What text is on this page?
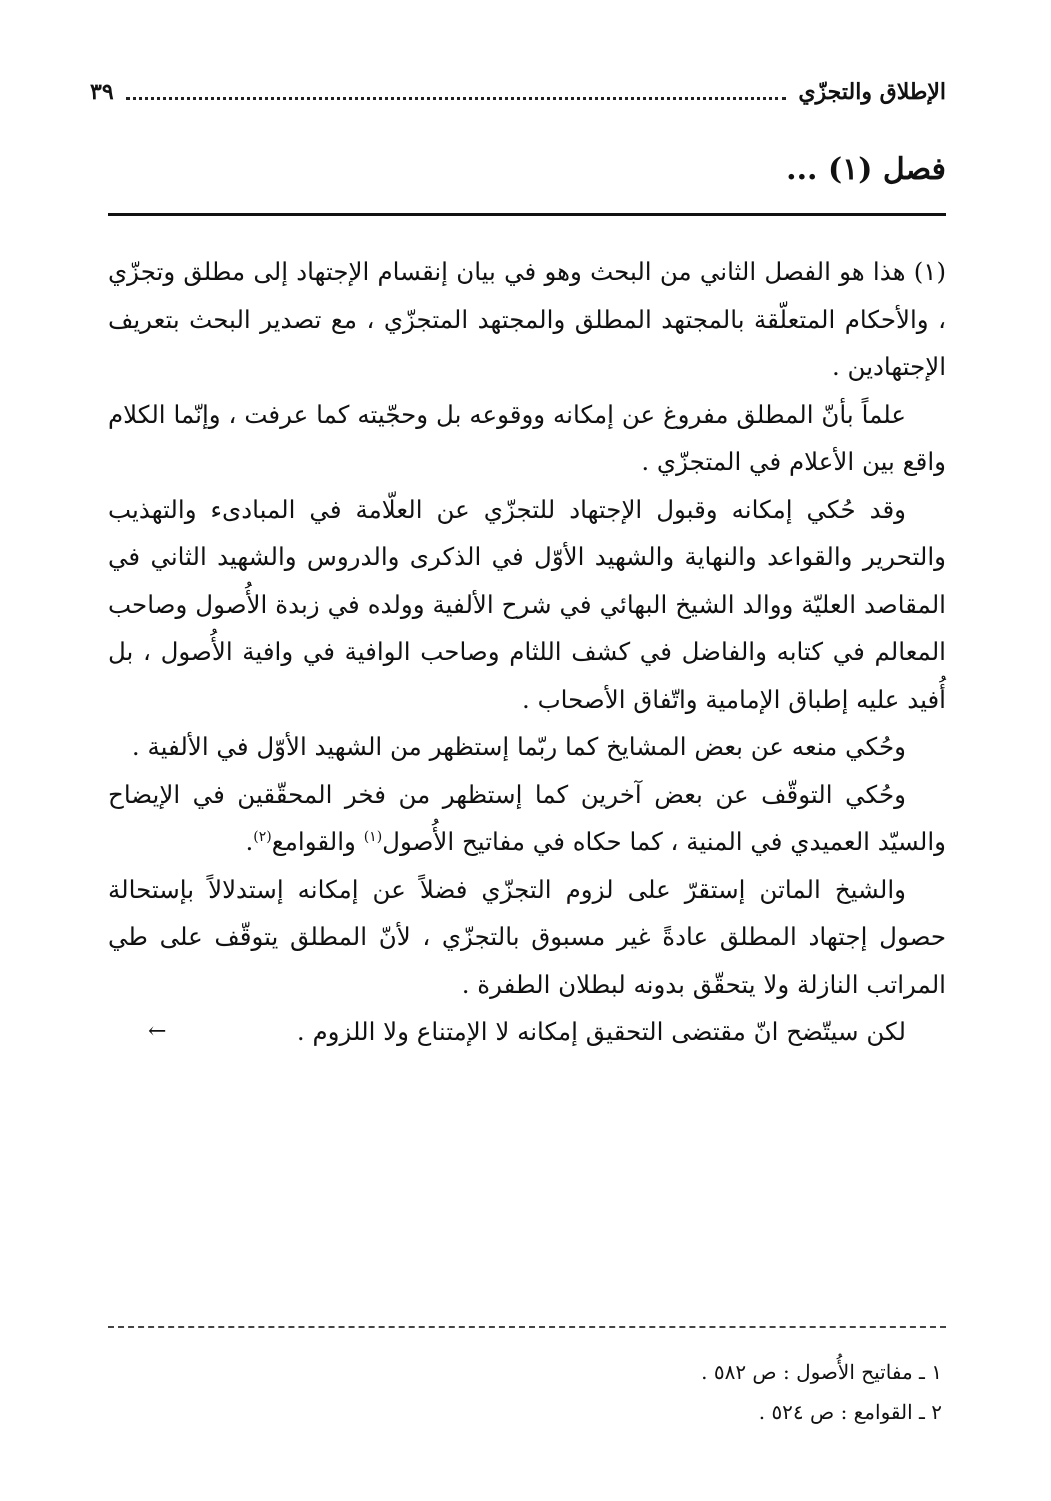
الإطلاق والتجزّي
٣٩
فصل (١) ...

(١) هذا هو الفصل الثاني من البحث وهو في بيان إنقسام الإجتهاد إلى مطلق وتجزّي ، والأحكام المتعلّقة بالمجتهد المطلق والمجتهد المتجزّي ، مع تصدير البحث بتعريف الإجتهادين .

علماً بأنّ المطلق مفروغ عن إمكانه ووقوعه بل وحجّيته كما عرفت ، وإنّما الكلام واقع بين الأعلام في المتجزّي .

وقد حُكي إمكانه وقبول الإجتهاد للتجزّي عن العلّامة في المبادىء والتهذيب والتحرير والقواعد والنهاية والشهيد الأوّل في الذكرى والدروس والشهيد الثاني في المقاصد العليّة ووالد الشيخ البهائي في شرح الألفية وولده في زبدة الأُصول وصاحب المعالم في كتابه والفاضل في كشف اللثام وصاحب الوافية في وافية الأُصول ، بل أُفيد عليه إطباق الإمامية واتّفاق الأصحاب .

وحُكي منعه عن بعض المشايخ كما ربّما إستظهر من الشهيد الأوّل في الألفية .

وحُكي التوقّف عن بعض آخرين كما إستظهر من فخر المحقّقين في الإيضاح والسيّد العميدي في المنية ، كما حكاه في مفاتيح الأُصول$^{(١)}$ والقوامع$^{(٢)}$.

والشيخ الماتن إستقرّ على لزوم التجزّي فضلاً عن إمكانه إستدلالاً بإستحالة حصول إجتهاد المطلق عادةً غير مسبوق بالتجزّي ، لأنّ المطلق يتوقّف على طي المراتب النازلة ولا يتحقّق بدونه لبطلان الطفرة .

لكن سيتّضح انّ مقتضى التحقيق إمكانه لا الإمتناع ولا اللزوم .
←

١ ـ مفاتيح الأُصول : ص ٥٨٢ .
٢ ـ القوامع : ص ٥٢٤ .
